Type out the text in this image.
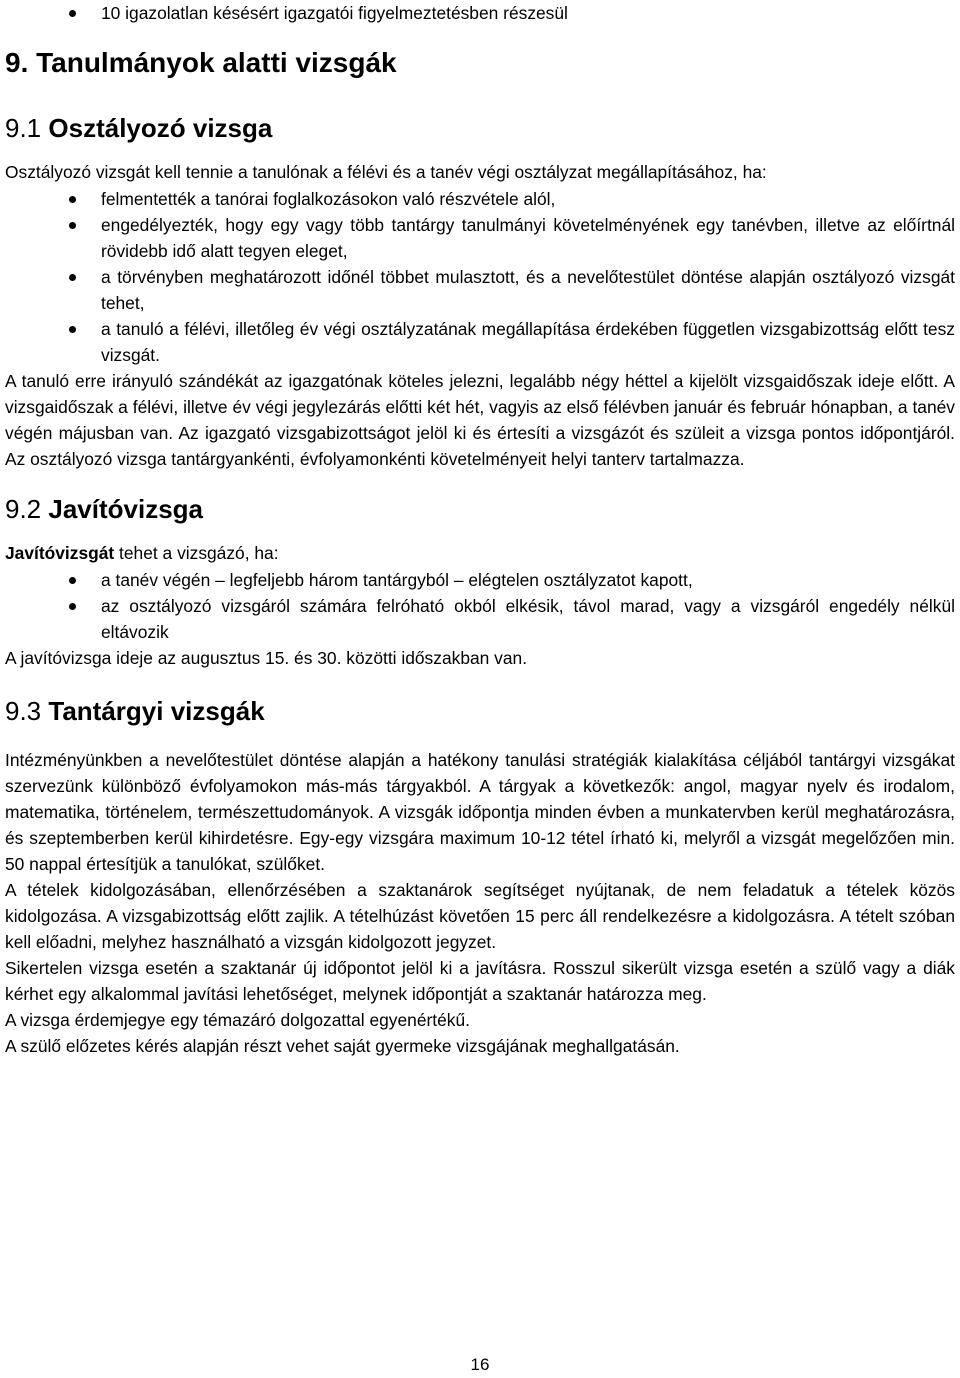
10 igazolatlan késésért igazgatói figyelmeztetésben részesül
9. Tanulmányok alatti vizsgák
9.1 Osztályozó vizsga

Osztályozó vizsgát kell tennie a tanulónak a félévi és a tanév végi osztályzat megállapításához, ha:

felmentették a tanórai foglalkozásokon való részvétele alól,
engedélyezték, hogy egy vagy több tantárgy tanulmányi követelményének egy tanévben, illetve az előírtnál rövidebb idő alatt tegyen eleget,
a törvényben meghatározott időnél többet mulasztott, és a nevelőtestület döntése alapján osztályozó vizsgát tehet,
a tanuló a félévi, illetőleg év végi osztályzatának megállapítása érdekében független vizsgabizottság előtt tesz vizsgát.

A tanuló erre irányuló szándékát az igazgatónak köteles jelezni, legalább négy héttel a kijelölt vizsgaidőszak ideje előtt. A vizsgaidőszak a félévi, illetve év végi jegylezárás előtti két hét, vagyis az első félévben január és február hónapban, a tanév végén májusban van. Az igazgató vizsgabizottságot jelöl ki és értesíti a vizsgázót és szüleit a vizsga pontos időpontjáról. Az osztályozó vizsga tantárgyankénti, évfolyamonkénti követelményeit helyi tanterv tartalmazza.

9.2 Javítóvizsga

Javítóvizsgát tehet a vizsgázó, ha:

a tanév végén – legfeljebb három tantárgyból – elégtelen osztályzatot kapott,
az osztályozó vizsgáról számára felróható okból elkésik, távol marad, vagy a vizsgáról engedély nélkül eltávozik

A javítóvizsga ideje az augusztus 15. és 30. közötti időszakban van.

9.3 Tantárgyi vizsgák

Intézményünkben a nevelőtestület döntése alapján a hatékony tanulási stratégiák kialakítása céljából tantárgyi vizsgákat szervezünk különböző évfolyamokon más-más tárgyakból. A tárgyak a következők: angol, magyar nyelv és irodalom, matematika, történelem, természettudományok. A vizsgák időpontja minden évben a munkatervben kerül meghatározásra, és szeptemberben kerül kihirdetésre. Egy-egy vizsgára maximum 10-12 tétel írható ki, melyről a vizsgát megelőzően min. 50 nappal értesítjük a tanulókat, szülőket.

A tételek kidolgozásában, ellenőrzésében a szaktanárok segítséget nyújtanak, de nem feladatuk a tételek közös kidolgozása. A vizsgabizottság előtt zajlik. A tételhúzást követően 15 perc áll rendelkezésre a kidolgozásra. A tételt szóban kell előadni, melyhez használható a vizsgán kidolgozott jegyzet.

Sikertelen vizsga esetén a szaktanár új időpontot jelöl ki a javításra. Rosszul sikerült vizsga esetén a szülő vagy a diák kérhet egy alkalommal javítási lehetőséget, melynek időpontját a szaktanár határozza meg.

A vizsga érdemjegye egy témazáró dolgozattal egyenértékű.

A szülő előzetes kérés alapján részt vehet saját gyermeke vizsgájának meghallgatásán.

16
